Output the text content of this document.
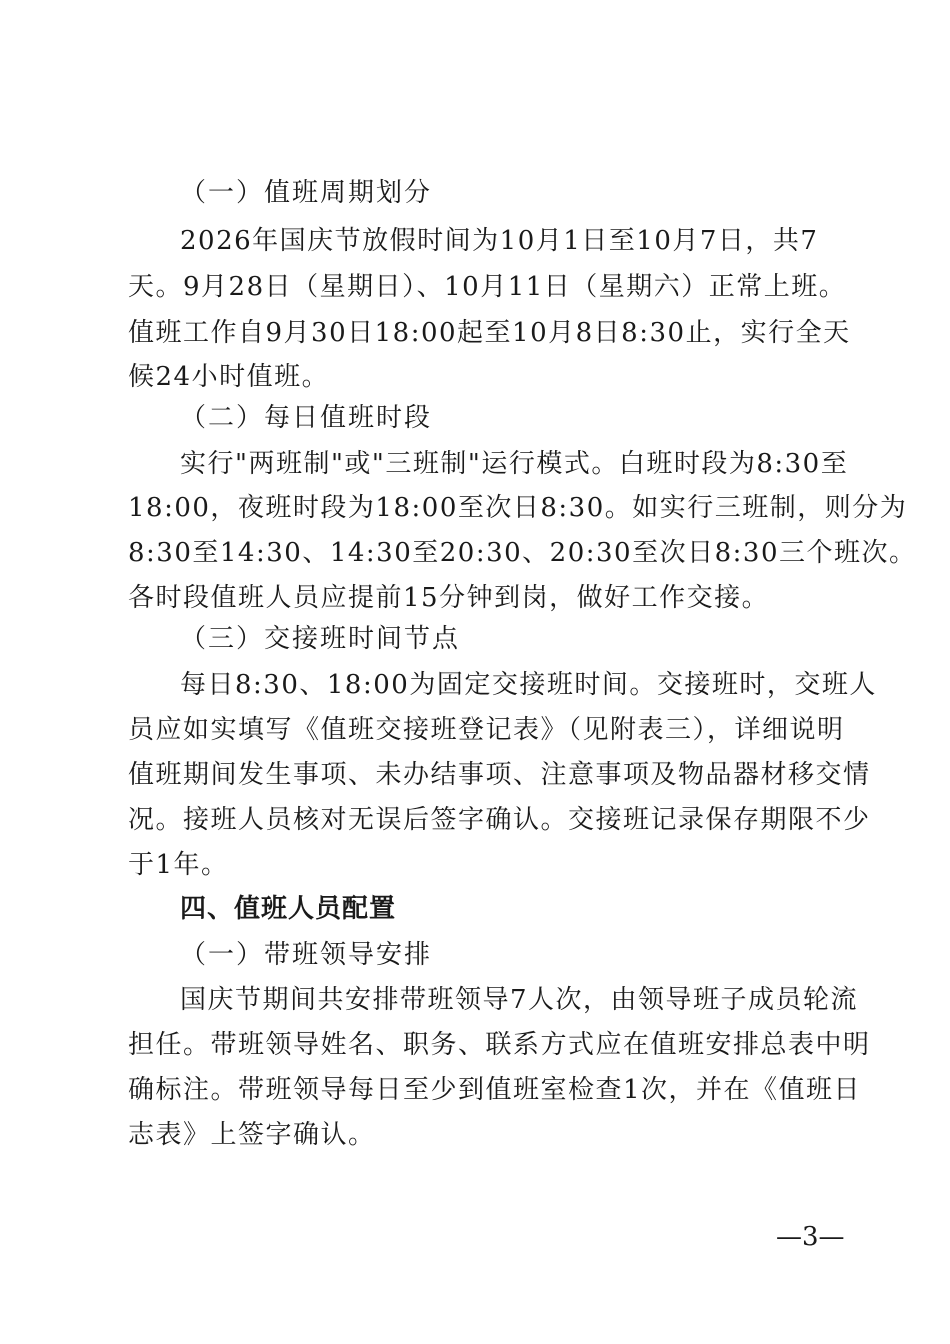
（一）值班周期划分
2026年国庆节放假时间为10月1日至10月7日，共7
天。9月28日（星期日）、10月11日（星期六）正常上班。
值班工作自9月30日18:00起至10月8日8:30止，实行全天
候24小时值班。
（二）每日值班时段
实行"两班制"或"三班制"运行模式。白班时段为8:30至
18:00，夜班时段为18:00至次日8:30。如实行三班制，则分为
8:30至14:30、14:30至20:30、20:30至次日8:30三个班次。
各时段值班人员应提前15分钟到岗，做好工作交接。
（三）交接班时间节点
每日8:30、18:00为固定交接班时间。交接班时，交班人
员应如实填写《值班交接班登记表》（见附表三），详细说明
值班期间发生事项、未办结事项、注意事项及物品器材移交情
况。接班人员核对无误后签字确认。交接班记录保存期限不少
于1年。
四、值班人员配置
（一）带班领导安排
国庆节期间共安排带班领导7人次，由领导班子成员轮流
担任。带班领导姓名、职务、联系方式应在值班安排总表中明
确标注。带班领导每日至少到值班室检查1次，并在《值班日
志表》上签字确认。
—3—
